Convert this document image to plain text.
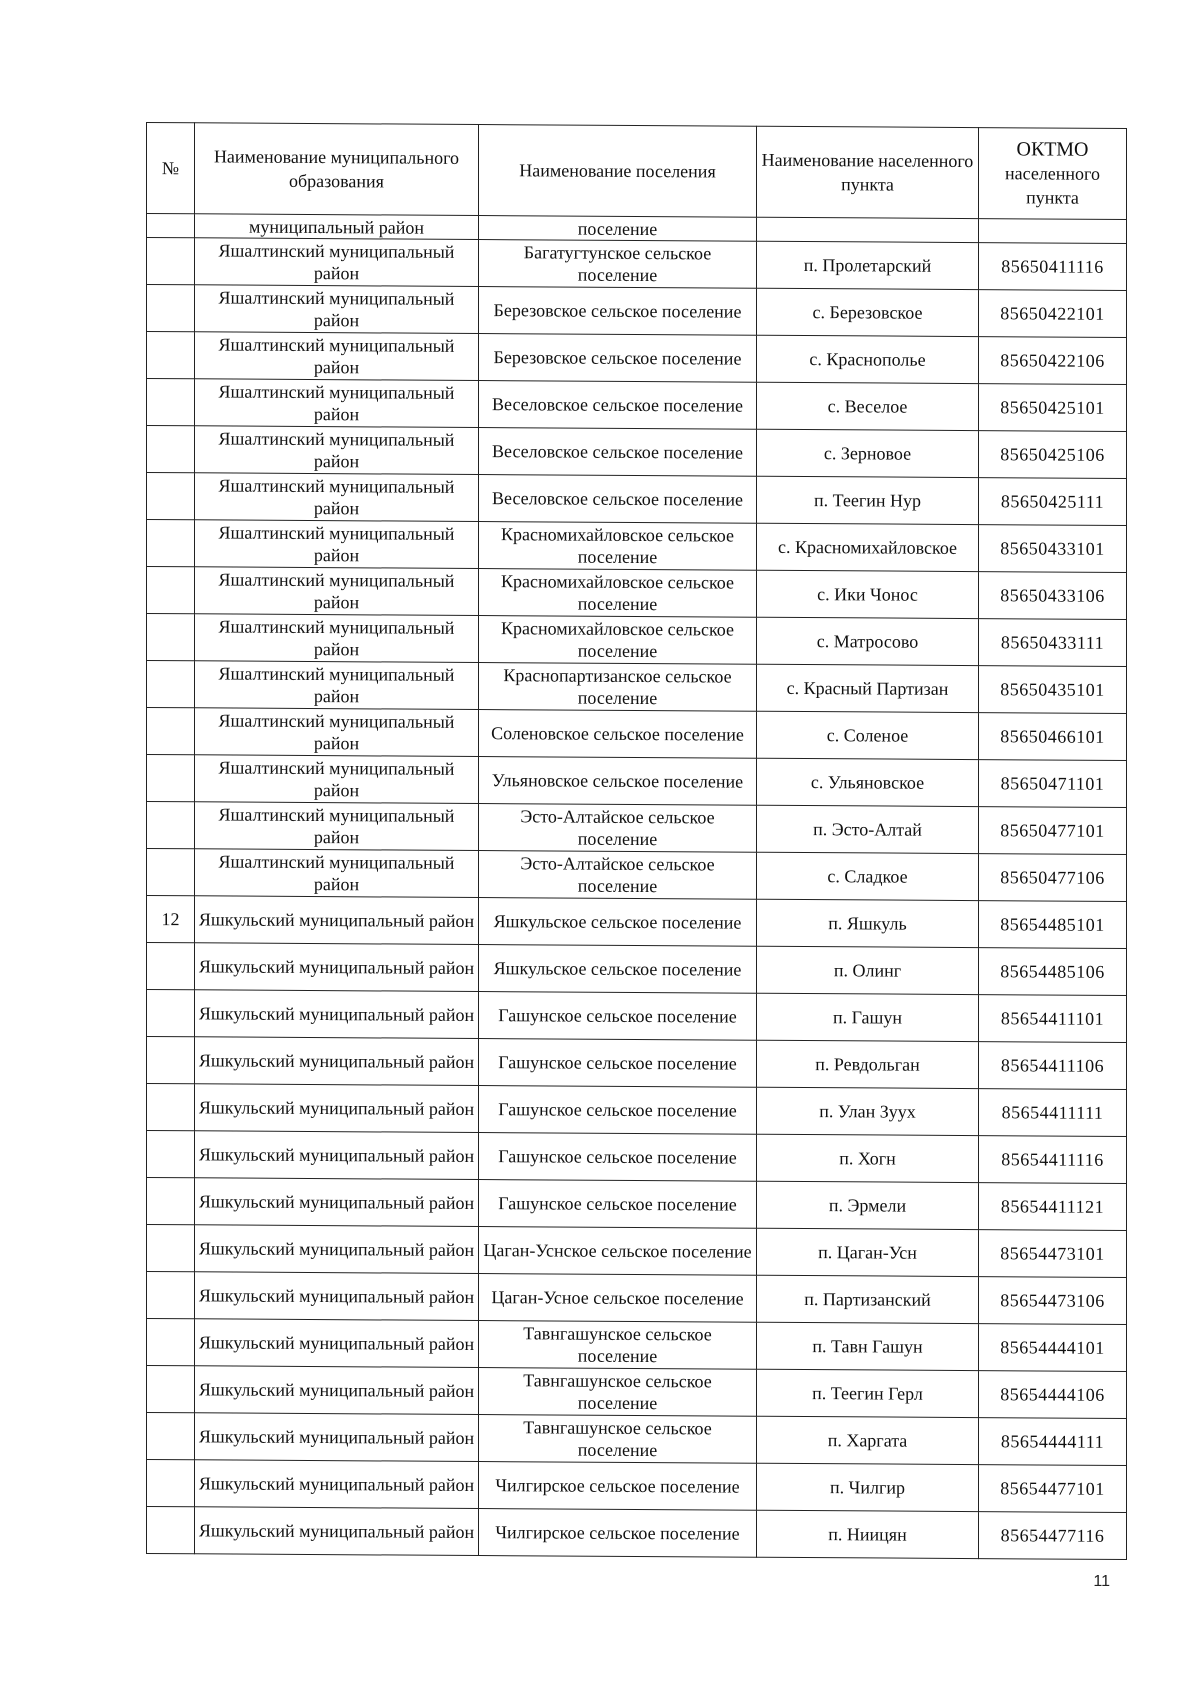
№	Наименование муниципального образования	Наименование поселения	Наименование населенного пункта	ОКТМО
населенного пункта

	муниципальный район	поселение		
	Яшалтинский муниципальный район	Багатугтунское сельское поселение	п. Пролетарский	85650411116
	Яшалтинский муниципальный район	Березовское сельское поселение	с. Березовское	85650422101
	Яшалтинский муниципальный район	Березовское сельское поселение	с. Краснополье	85650422106
	Яшалтинский муниципальный район	Веселовское сельское поселение	с. Веселое	85650425101
	Яшалтинский муниципальный район	Веселовское сельское поселение	с. Зерновое	85650425106
	Яшалтинский муниципальный район	Веселовское сельское поселение	п. Теегин Нур	85650425111
	Яшалтинский муниципальный район	Красномихайловское сельское поселение	с. Красномихайловское	85650433101
	Яшалтинский муниципальный район	Красномихайловское сельское поселение	с. Ики Чонос	85650433106
	Яшалтинский муниципальный район	Красномихайловское сельское поселение	с. Матросово	85650433111
	Яшалтинский муниципальный район	Краснопартизанское сельское поселение	с. Красный Партизан	85650435101
	Яшалтинский муниципальный район	Соленовское сельское поселение	с. Соленое	85650466101
	Яшалтинский муниципальный район	Ульяновское сельское поселение	с. Ульяновское	85650471101
	Яшалтинский муниципальный район	Эсто-Алтайское сельское поселение	п. Эсто-Алтай	85650477101
	Яшалтинский муниципальный район	Эсто-Алтайское сельское поселение	с. Сладкое	85650477106
12	Яшкульский муниципальный район	Яшкульское сельское поселение	п. Яшкуль	85654485101
	Яшкульский муниципальный район	Яшкульское сельское поселение	п. Олинг	85654485106
	Яшкульский муниципальный район	Гашунское сельское поселение	п. Гашун	85654411101
	Яшкульский муниципальный район	Гашунское сельское поселение	п. Ревдольган	85654411106
	Яшкульский муниципальный район	Гашунское сельское поселение	п. Улан Зуух	85654411111
	Яшкульский муниципальный район	Гашунское сельское поселение	п. Хогн	85654411116
	Яшкульский муниципальный район	Гашунское сельское поселение	п. Эрмели	85654411121
	Яшкульский муниципальный район	Цаган-Уснское сельское поселение	п. Цаган-Усн	85654473101
	Яшкульский муниципальный район	Цаган-Усное сельское поселение	п. Партизанский	85654473106
	Яшкульский муниципальный район	Тавнгашунское сельское поселение	п. Тавн Гашун	85654444101
	Яшкульский муниципальный район	Тавнгашунское сельское поселение	п. Теегин Герл	85654444106
	Яшкульский муниципальный район	Тавнгашунское сельское поселение	п. Харгата	85654444111
	Яшкульский муниципальный район	Чилгирское сельское поселение	п. Чилгир	85654477101
	Яшкульский муниципальный район	Чилгирское сельское поселение	п. Ниицян	85654477116
11
